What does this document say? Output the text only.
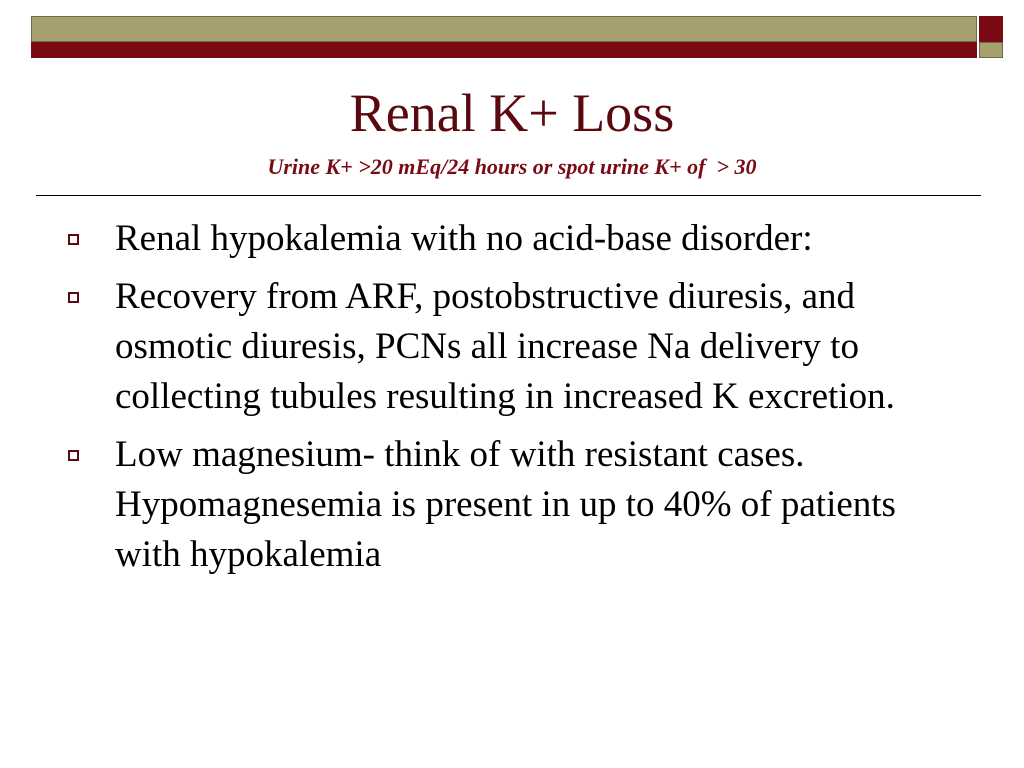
Renal K+ Loss
Urine K+ >20 mEq/24 hours or spot urine K+ of  > 30
Renal hypokalemia with no acid-base disorder:
Recovery from ARF, postobstructive diuresis, and osmotic diuresis, PCNs all increase Na delivery to collecting tubules resulting in increased K excretion.
Low magnesium- think of with resistant cases. Hypomagnesemia is present in up to 40% of patients with hypokalemia
